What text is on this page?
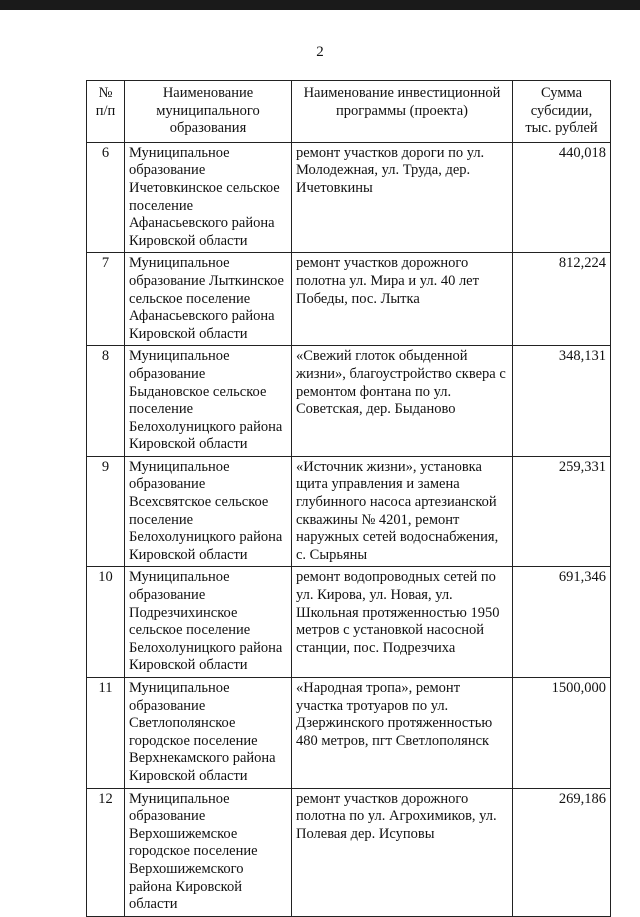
2
№ п/п	Наименование муниципального образования	Наименование инвестиционной программы (проекта)	Сумма субсидии, тыс. рублей
6	Муниципальное образование Ичетовкинское сельское поселение Афанасьевского района Кировской области	ремонт участков дороги по ул. Молодежная, ул. Труда, дер. Ичетовкины	440,018
7	Муниципальное образование Лыткинское сельское поселение Афанасьевского района Кировской области	ремонт участков дорожного полотна ул. Мира и ул. 40 лет Победы, пос. Лытка	812,224
8	Муниципальное образование Быдановское сельское поселение Белохолуницкого района Кировской области	«Свежий глоток обыденной жизни», благоустройство сквера с ремонтом фонтана по ул. Советская, дер. Быданово	348,131
9	Муниципальное образование Всехсвятское сельское поселение Белохолуницкого района Кировской области	«Источник жизни», установка щита управления и замена глубинного насоса артезианской скважины № 4201, ремонт наружных сетей водоснабжения, с. Сырьяны	259,331
10	Муниципальное образование Подрезчихинское сельское поселение Белохолуницкого района Кировской области	ремонт водопроводных сетей по ул. Кирова, ул. Новая, ул. Школьная протяженностью 1950 метров с установкой насосной станции, пос. Подрезчиха	691,346
11	Муниципальное образование Светлополянское городское поселение Верхнекамского района Кировской области	«Народная тропа», ремонт участка тротуаров по ул. Дзержинского протяженностью 480 метров, пгт Светлополянск	1500,000
12	Муниципальное образование Верхошижемское городское поселение Верхошижемского района Кировской области	ремонт участков дорожного полотна по ул. Агрохимиков, ул. Полевая дер. Исуповы	269,186
